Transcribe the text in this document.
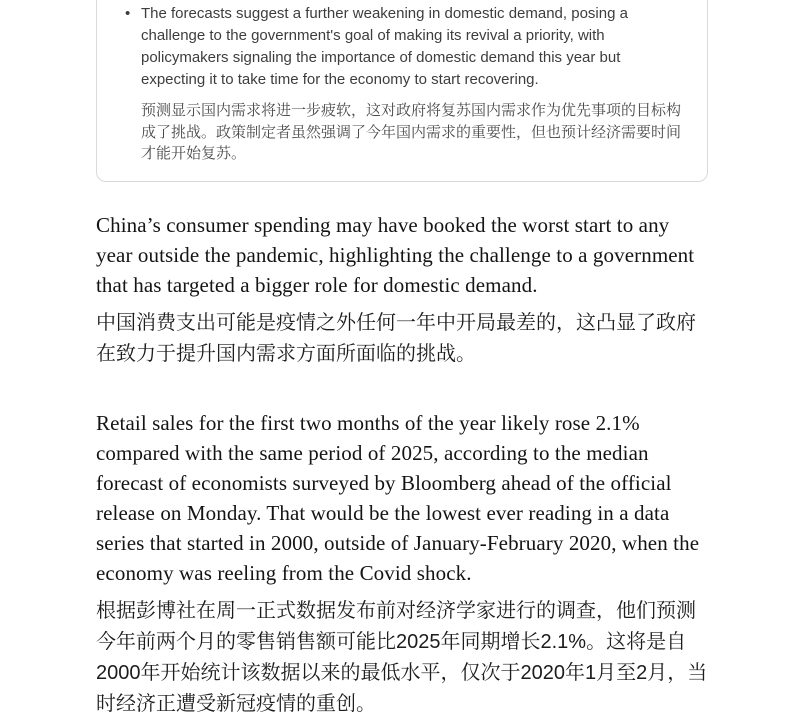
• The forecasts suggest a further weakening in domestic demand, posing a challenge to the government's goal of making its revival a priority, with policymakers signaling the importance of domestic demand this year but expecting it to take time for the economy to start recovering.
预测显示国内需求将进一步疲软，这对政府将复苏国内需求作为优先事项的目标构成了挑战。政策制定者虽然强调了今年国内需求的重要性，但也预计经济需要时间才能开始复苏。

China’s consumer spending may have booked the worst start to any year outside the pandemic, highlighting the challenge to a government that has targeted a bigger role for domestic demand.

中国消费支出可能是疫情之外任何一年中开局最差的，这凸显了政府在致力于提升国内需求方面所面临的挑战。

Retail sales for the first two months of the year likely rose 2.1% compared with the same period of 2025, according to the median forecast of economists surveyed by Bloomberg ahead of the official release on Monday. That would be the lowest ever reading in a data series that started in 2000, outside of January-February 2020, when the economy was reeling from the Covid shock.

根据彭博社在周一正式数据发布前对经济学家进行的调查，他们预测今年前两个月的零售销售额可能比2025年同期增长2.1%。这将是自2000年开始统计该数据以来的最低水平，仅次于2020年1月至2月，当时经济正遭受新冠疫情的重创。
